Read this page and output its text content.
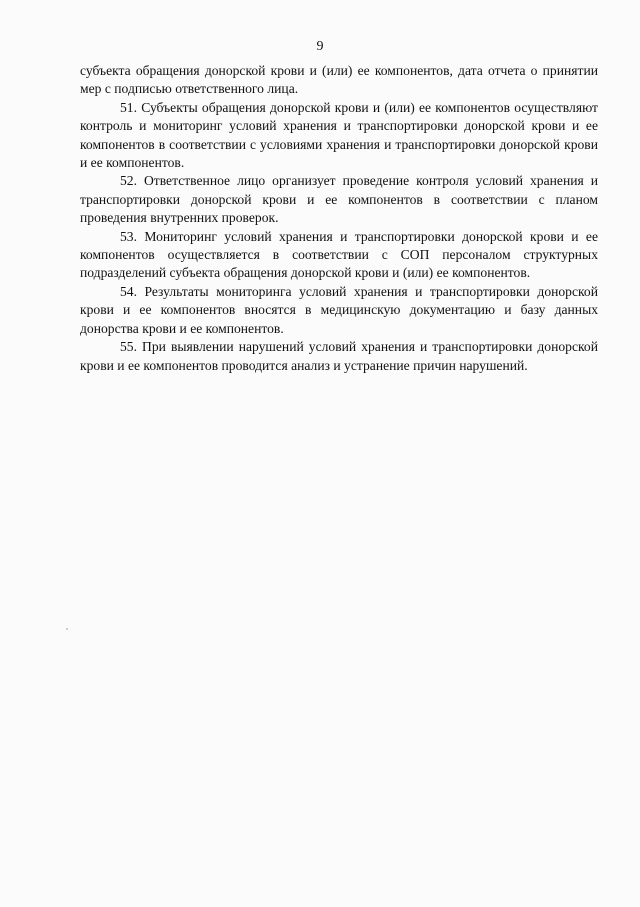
9

субъекта обращения донорской крови и (или) ее компонентов, дата отчета о принятии мер с подписью ответственного лица.

51. Субъекты обращения донорской крови и (или) ее компонентов осуществляют контроль и мониторинг условий хранения и транспортировки донорской крови и ее компонентов в соответствии с условиями хранения и транспортировки донорской крови и ее компонентов.

52. Ответственное лицо организует проведение контроля условий хранения и транспортировки донорской крови и ее компонентов в соответствии с планом проведения внутренних проверок.

53. Мониторинг условий хранения и транспортировки донорской крови и ее компонентов осуществляется в соответствии с СОП персоналом структурных подразделений субъекта обращения донорской крови и (или) ее компонентов.

54. Результаты мониторинга условий хранения и транспортировки донорской крови и ее компонентов вносятся в медицинскую документацию и базу данных донорства крови и ее компонентов.

55. При выявлении нарушений условий хранения и транспортировки донорской крови и ее компонентов проводится анализ и устранение причин нарушений.
